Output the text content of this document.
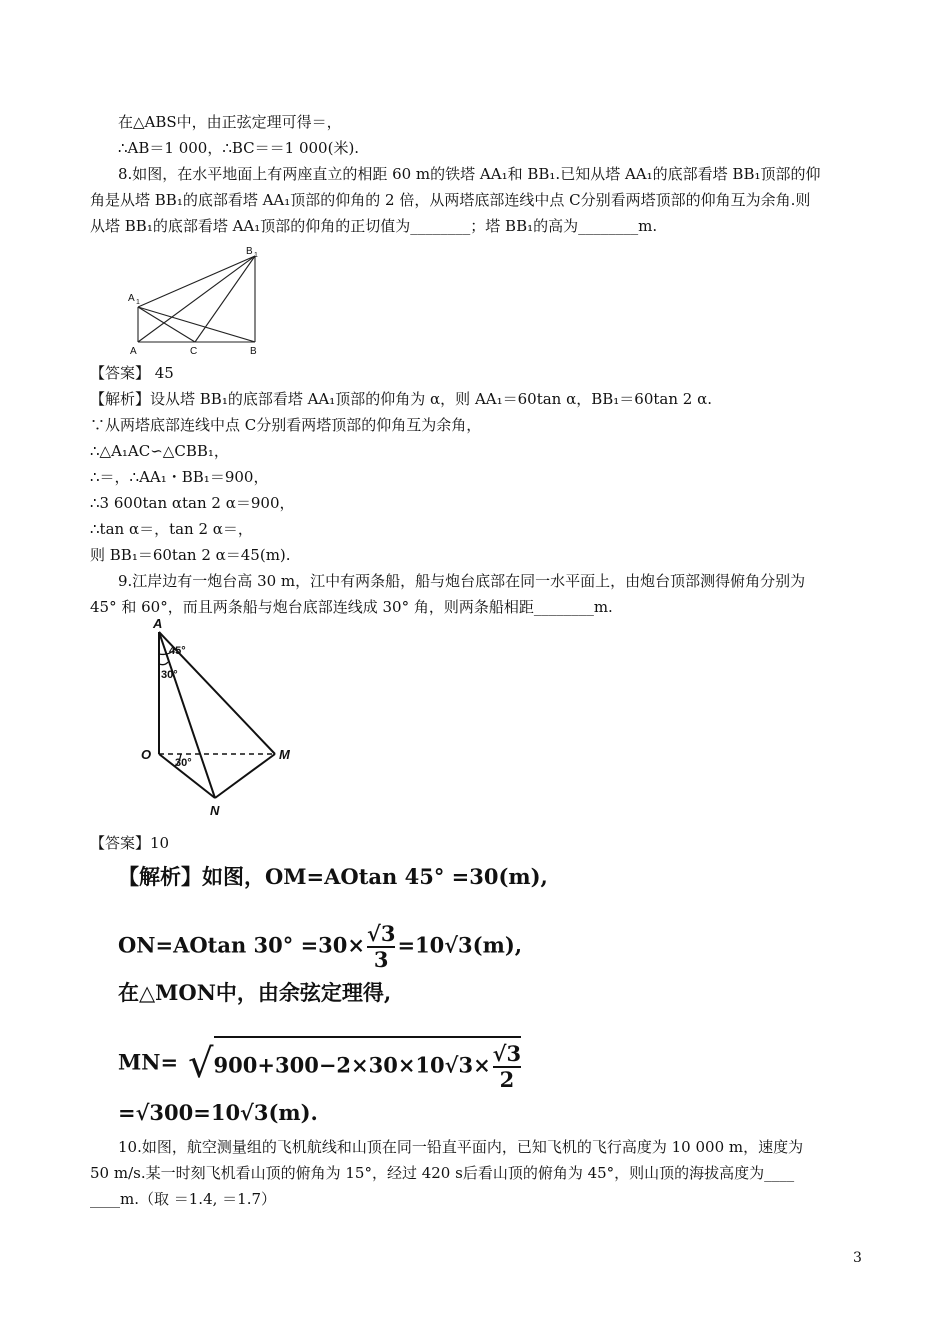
在△ABS中，由正弦定理可得＝，
∴AB＝1 000，∴BC＝＝1 000(米).
8.如图，在水平地面上有两座直立的相距 60 m的铁塔 AA₁和 BB₁.已知从塔 AA₁的底部看塔 BB₁顶部的仰
角是从塔 BB₁的底部看塔 AA₁顶部的仰角的 2 倍，从两塔底部连线中点 C分别看两塔顶部的仰角互为余角.则
从塔 BB₁的底部看塔 AA₁顶部的仰角的正切值为________；塔 BB₁的高为________m.
A 1
B 1
A	C	B
【答案】 45
【解析】设从塔 BB₁的底部看塔 AA₁顶部的仰角为 α，则 AA₁＝60tan α，BB₁＝60tan 2 α.
∵从两塔底部连线中点 C分别看两塔顶部的仰角互为余角，
∴△A₁AC∽△CBB₁，
∴＝，∴AA₁・BB₁＝900，
∴3 600tan αtan 2 α＝900，
∴tan α＝，tan 2 α＝，
则 BB₁＝60tan 2 α＝45(m).
9.江岸边有一炮台高 30 m，江中有两条船，船与炮台底部在同一水平面上，由炮台顶部测得俯角分别为
45° 和 60°，而且两条船与炮台底部连线成 30° 角，则两条船相距________m.
A
O	M
N
45°
30°
30°
【答案】10
【解析】如图，OM=AOtan 45° =30(m),
ON=AOtan $30^\circ =30\times \frac{√3}{3} =10√3(m)$,
在△MON中，由余弦定理得,
$MN= √900+300-2\times 30\times 10√3\times \frac{√3}{2}$
=√300=10√3(m).
10.如图，航空测量组的飞机航线和山顶在同一铅直平面内，已知飞机的飞行高度为 10 000 m，速度为
50 m/s.某一时刻飞机看山顶的俯角为 15°，经过 420 s后看山顶的俯角为 45°，则山顶的海拔高度为____
____m.（取 ＝1.4, ＝1.7）
3
